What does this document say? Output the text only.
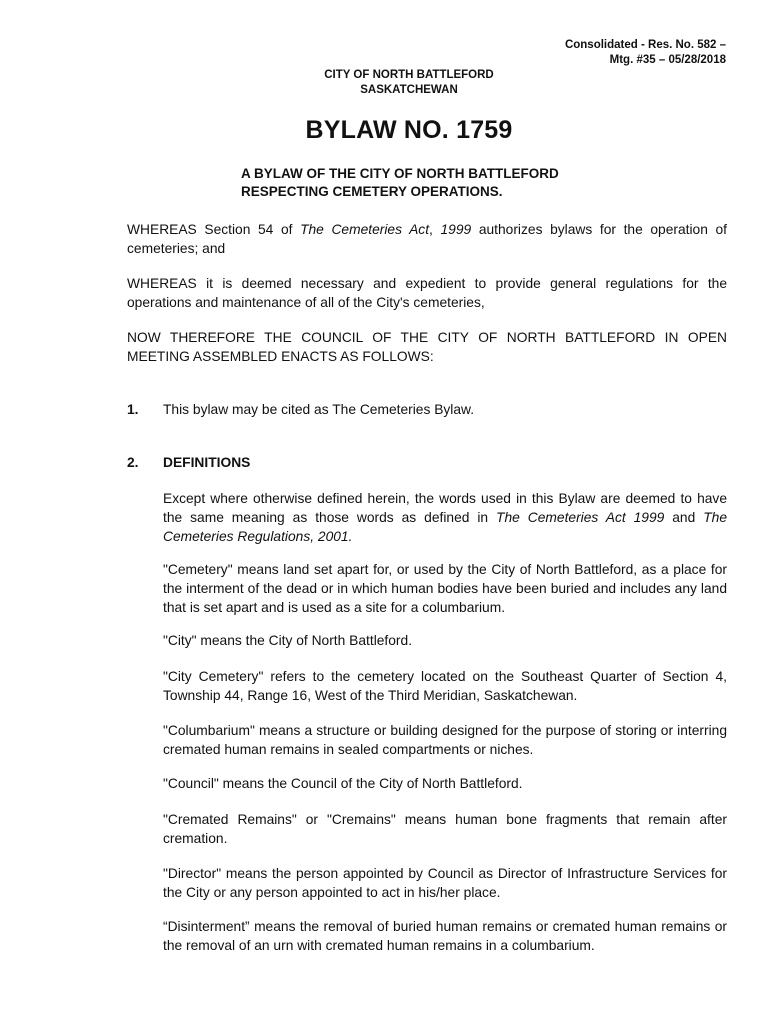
Consolidated - Res. No. 582 –
Mtg. #35 – 05/28/2018
CITY OF NORTH BATTLEFORD
SASKATCHEWAN
BYLAW NO. 1759
A BYLAW OF THE CITY OF NORTH BATTLEFORD
RESPECTING CEMETERY OPERATIONS.
WHEREAS Section 54 of The Cemeteries Act, 1999 authorizes bylaws for the operation of cemeteries; and
WHEREAS it is deemed necessary and expedient to provide general regulations for the operations and maintenance of all of the City's cemeteries,
NOW THEREFORE THE COUNCIL OF THE CITY OF NORTH BATTLEFORD IN OPEN MEETING ASSEMBLED ENACTS AS FOLLOWS:
1. This bylaw may be cited as The Cemeteries Bylaw.
2. DEFINITIONS
Except where otherwise defined herein, the words used in this Bylaw are deemed to have the same meaning as those words as defined in The Cemeteries Act 1999 and The Cemeteries Regulations, 2001.
"Cemetery" means land set apart for, or used by the City of North Battleford, as a place for the interment of the dead or in which human bodies have been buried and includes any land that is set apart and is used as a site for a columbarium.
"City" means the City of North Battleford.
"City Cemetery" refers to the cemetery located on the Southeast Quarter of Section 4, Township 44, Range 16, West of the Third Meridian, Saskatchewan.
"Columbarium" means a structure or building designed for the purpose of storing or interring cremated human remains in sealed compartments or niches.
"Council" means the Council of the City of North Battleford.
"Cremated Remains" or "Cremains" means human bone fragments that remain after cremation.
"Director" means the person appointed by Council as Director of Infrastructure Services for the City or any person appointed to act in his/her place.
“Disinterment” means the removal of buried human remains or cremated human remains or the removal of an urn with cremated human remains in a columbarium.
